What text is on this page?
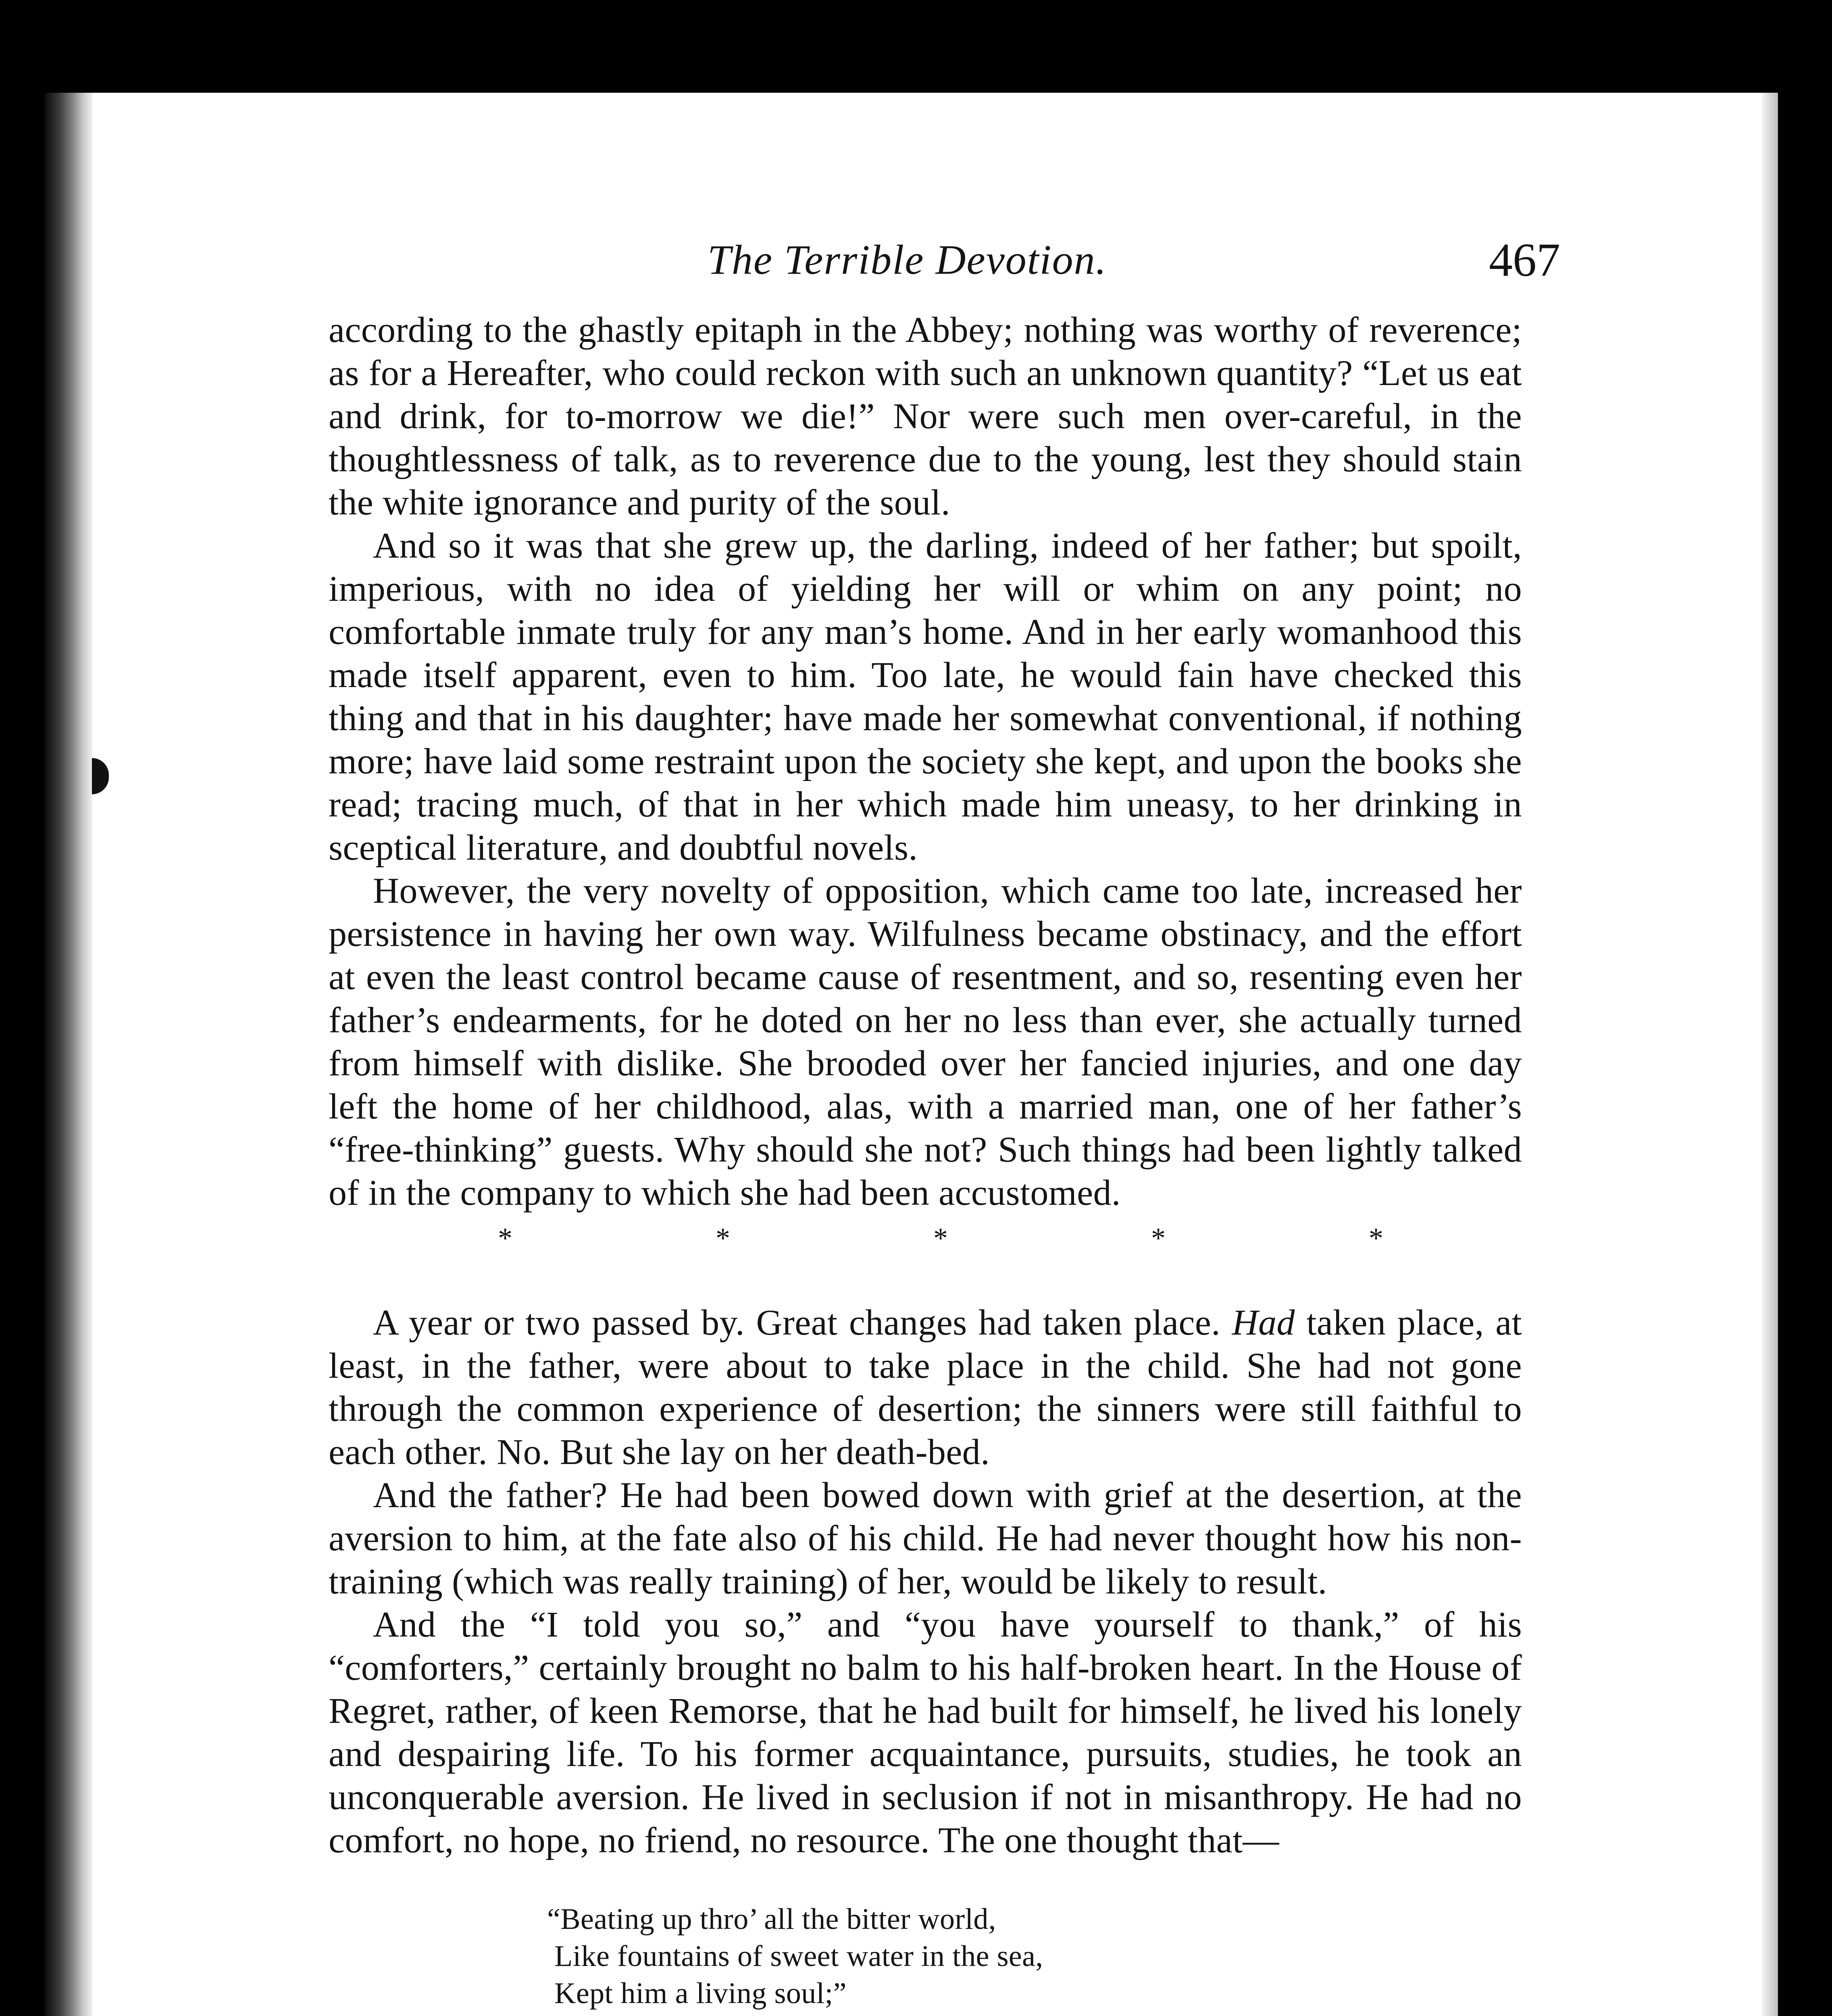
The Terrible Devotion.	467

according to the ghastly epitaph in the Abbey; nothing was worthy of reverence; as for a Hereafter, who could reckon with such an unknown quantity? “Let us eat and drink, for to-morrow we die!” Nor were such men over-careful, in the thoughtlessness of talk, as to reverence due to the young, lest they should stain the white ignorance and purity of the soul.

And so it was that she grew up, the darling, indeed of her father; but spoilt, imperious, with no idea of yielding her will or whim on any point; no comfortable inmate truly for any man’s home. And in her early womanhood this made itself apparent, even to him. Too late, he would fain have checked this thing and that in his daughter; have made her somewhat conventional, if nothing more; have laid some restraint upon the society she kept, and upon the books she read; tracing much, of that in her which made him uneasy, to her drinking in sceptical literature, and doubtful novels.

However, the very novelty of opposition, which came too late, increased her persistence in having her own way. Wilfulness became obstinacy, and the effort at even the least control became cause of resentment, and so, resenting even her father’s endearments, for he doted on her no less than ever, she actually turned from himself with dislike. She brooded over her fancied injuries, and one day left the home of her childhood, alas, with a married man, one of her father’s “free-thinking” guests. Why should she not? Such things had been lightly talked of in the company to which she had been accustomed.

*	*	*	*	*

A year or two passed by. Great changes had taken place. Had taken place, at least, in the father, were about to take place in the child. She had not gone through the common experience of desertion; the sinners were still faithful to each other. No. But she lay on her death-bed.

And the father? He had been bowed down with grief at the desertion, at the aversion to him, at the fate also of his child. He had never thought how his non-training (which was really training) of her, would be likely to result.

And the “I told you so,” and “you have yourself to thank,” of his “comforters,” certainly brought no balm to his half-broken heart. In the House of Regret, rather, of keen Remorse, that he had built for himself, he lived his lonely and despairing life. To his former acquaintance, pursuits, studies, he took an unconquerable aversion. He lived in seclusion if not in misanthropy. He had no comfort, no hope, no friend, no resource. The one thought that—

“Beating up thro’ all the bitter world,
Like fountains of sweet water in the sea,
Kept him a living soul;”
